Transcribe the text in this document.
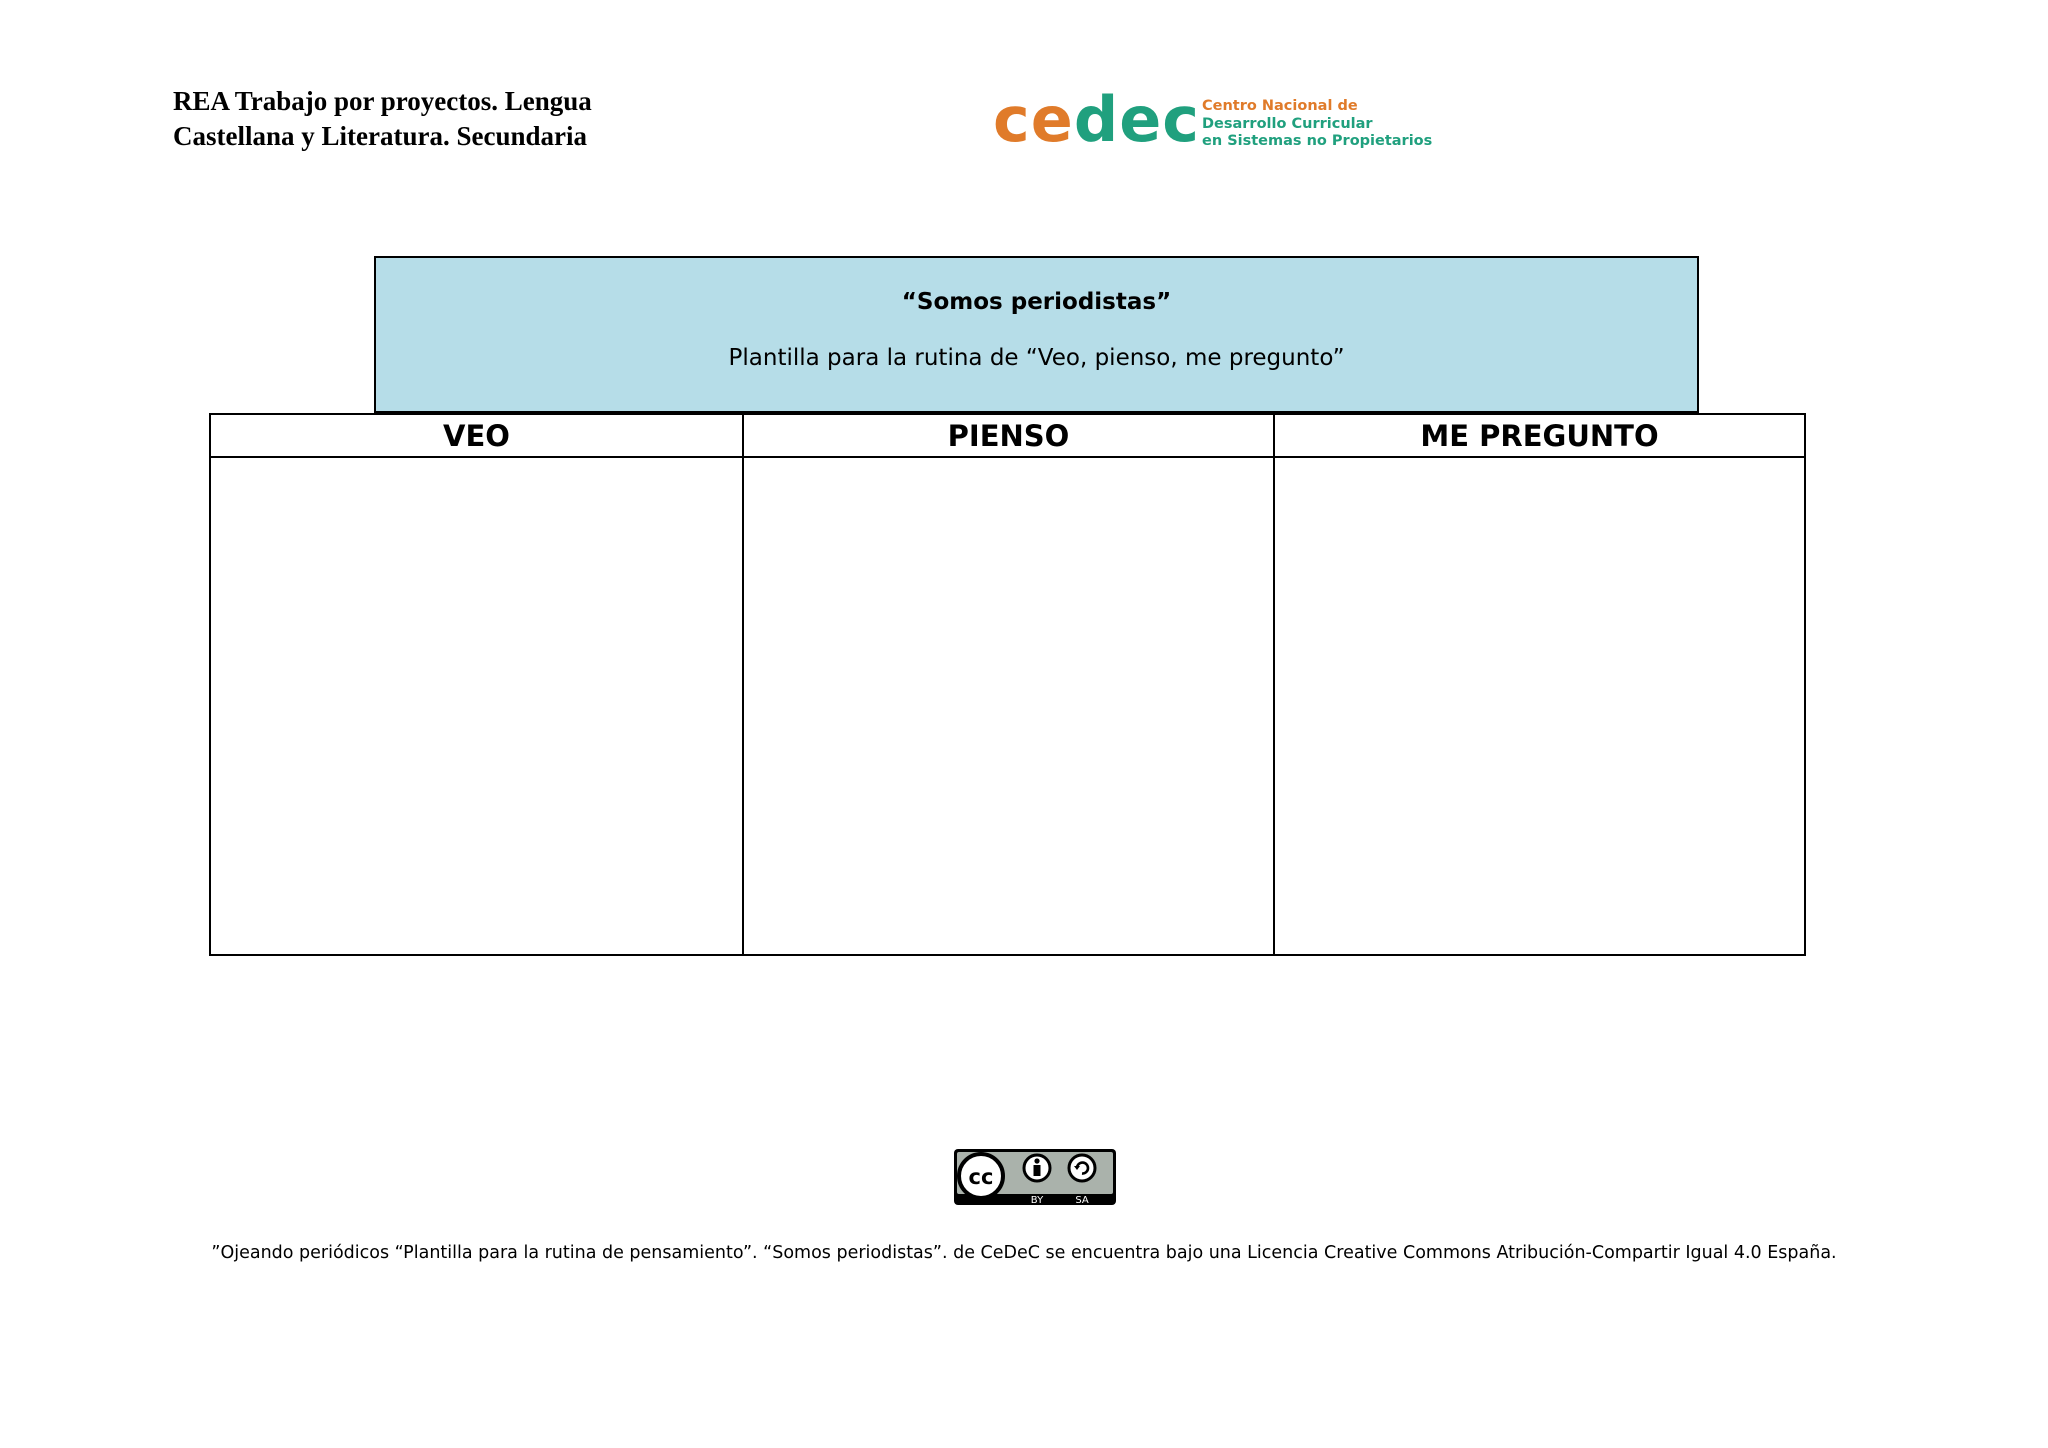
REA Trabajo por proyectos. Lengua
Castellana y Literatura. Secundaria	cedec Centro Nacional de
Desarrollo Curricular
en Sistemas no Propietarios
“Somos periodistas”
Plantilla para la rutina de “Veo, pienso, me pregunto”
VEO	PIENSO	ME PREGUNTO
cc
BY	SA
”Ojeando periódicos “Plantilla para la rutina de pensamiento”. “Somos periodistas”. de CeDeC se encuentra bajo una Licencia Creative Commons Atribución-Compartir Igual 4.0 España.
